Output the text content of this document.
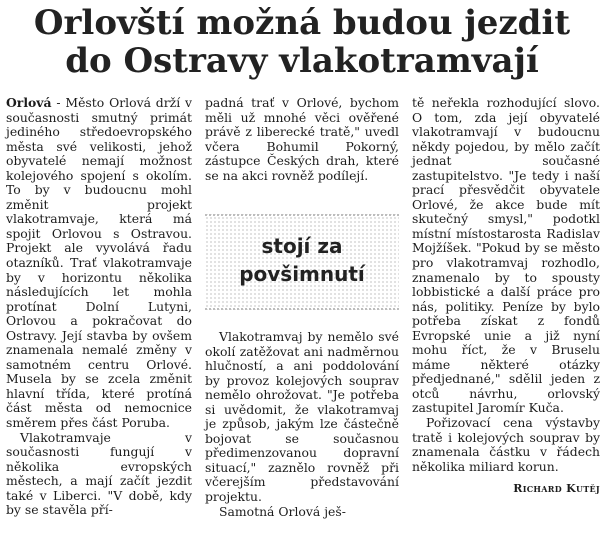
Orlovští možná budou jezdit
do Ostravy vlakotramvají

Orlová - Město Orlová drží v současnosti smutný primát jediného středoevropského města své velikosti, jehož obyvatelé nemají možnost kolejového spojení s okolím. To by v budoucnu mohl změnit projekt vlakotramvaje, která má spojit Orlovou s Ostravou. Projekt ale vyvolává řadu otazníků. Trať vlakotramvaje by v horizontu několika následujících let mohla protínat Dolní Lutyni, Orlovou a pokračovat do Ostravy. Její stavba by ovšem znamenala nemalé změny v samotném centru Orlové. Musela by se zcela změnit hlavní třída, které protíná část města od nemocnice směrem přes část Poruba.

Vlakotramvaje v současnosti fungují v několika evropských městech, a mají začít jezdit také v Liberci. "V době, kdy by se stavěla pří-

padná trať v Orlové, bychom měli už mnohé věci ověřené právě z liberecké tratě," uvedl včera Bohumil Pokorný, zástupce Českých drah, které se na akci rovněž podílejí.

stojí za
povšimnutí

Vlakotramvaj by nemělo své okolí zatěžovat ani nadměrnou hlučností, a ani poddolování by provoz kolejových souprav nemělo ohrožovat. "Je potřeba si uvědomit, že vlakotramvaj je způsob, jakým lze částečně bojovat se současnou předimenzovanou dopravní situací," zaznělo rovněž při včerejším představování projektu.

Samotná Orlová ješ-

tě neřekla rozhodující slovo. O tom, zda její obyvatelé vlakotramvají v budoucnu někdy pojedou, by mělo začít jednat současné zastupitelstvo. "Je tedy i naší prací přesvědčit obyvatele Orlové, že akce bude mít skutečný smysl," podotkl místní místostarosta Radislav Mojžíšek. "Pokud by se město pro vlakotramvaj rozhodlo, znamenalo by to spousty lobbistické a další práce pro nás, politiky. Peníze by bylo potřeba získat z fondů Evropské unie a již nyní mohu říct, že v Bruselu máme některé otázky předjednané," sdělil jeden z otců návrhu, orlovský zastupitel Jaromír Kuča.

Pořizovací cena výstavby tratě i kolejových souprav by znamenala částku v řádech několika miliard korun.

Richard Kutěj
